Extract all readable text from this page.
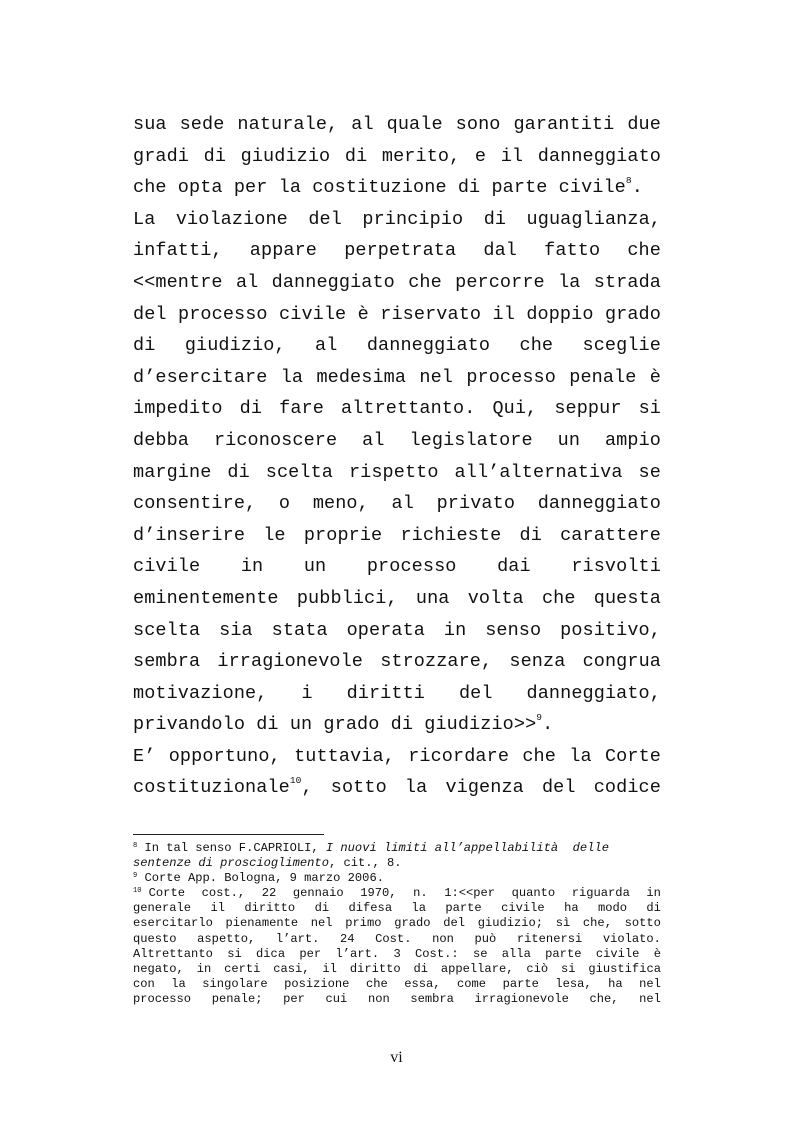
sua sede naturale, al quale sono garantiti due
gradi di giudizio di merito, e il danneggiato
che opta per la costituzione di parte civile$^8$.
La violazione del principio di uguaglianza,
infatti, appare perpetrata dal fatto che
<<mentre al danneggiato che percorre la strada
del processo civile è riservato il doppio grado
di giudizio, al danneggiato che sceglie
d’esercitare la medesima nel processo penale è
impedito di fare altrettanto. Qui, seppur si
debba riconoscere al legislatore un ampio
margine di scelta rispetto all’alternativa se
consentire, o meno, al privato danneggiato
d’inserire le proprie richieste di carattere
civile in un processo dai risvolti
eminentemente pubblici, una volta che questa
scelta sia stata operata in senso positivo,
sembra irragionevole strozzare, senza congrua
motivazione, i diritti del danneggiato,
privandolo di un grado di giudizio>>$^9$.
E’ opportuno, tuttavia, ricordare che la Corte
costituzionale$^{10}$, sotto la vigenza del codice
$^8$ In tal senso F.CAPRIOLI, I nuovi limiti all’appellabilità  delle
sentenze di proscioglimento, cit., 8.
$^9$ Corte App. Bologna, 9 marzo 2006.
$^{10}$ Corte cost., 22 gennaio 1970, n. 1:<<per quanto riguarda in
generale il diritto di difesa la parte civile ha modo di
esercitarlo pienamente nel primo grado del giudizio; sì che, sotto
questo aspetto, l’art. 24 Cost. non può ritenersi violato.
Altrettanto si dica per l’art. 3 Cost.: se alla parte civile è
negato, in certi casi, il diritto di appellare, ciò si giustifica
con la singolare posizione che essa, come parte lesa, ha nel
processo penale; per cui non sembra irragionevole che, nel
vi
